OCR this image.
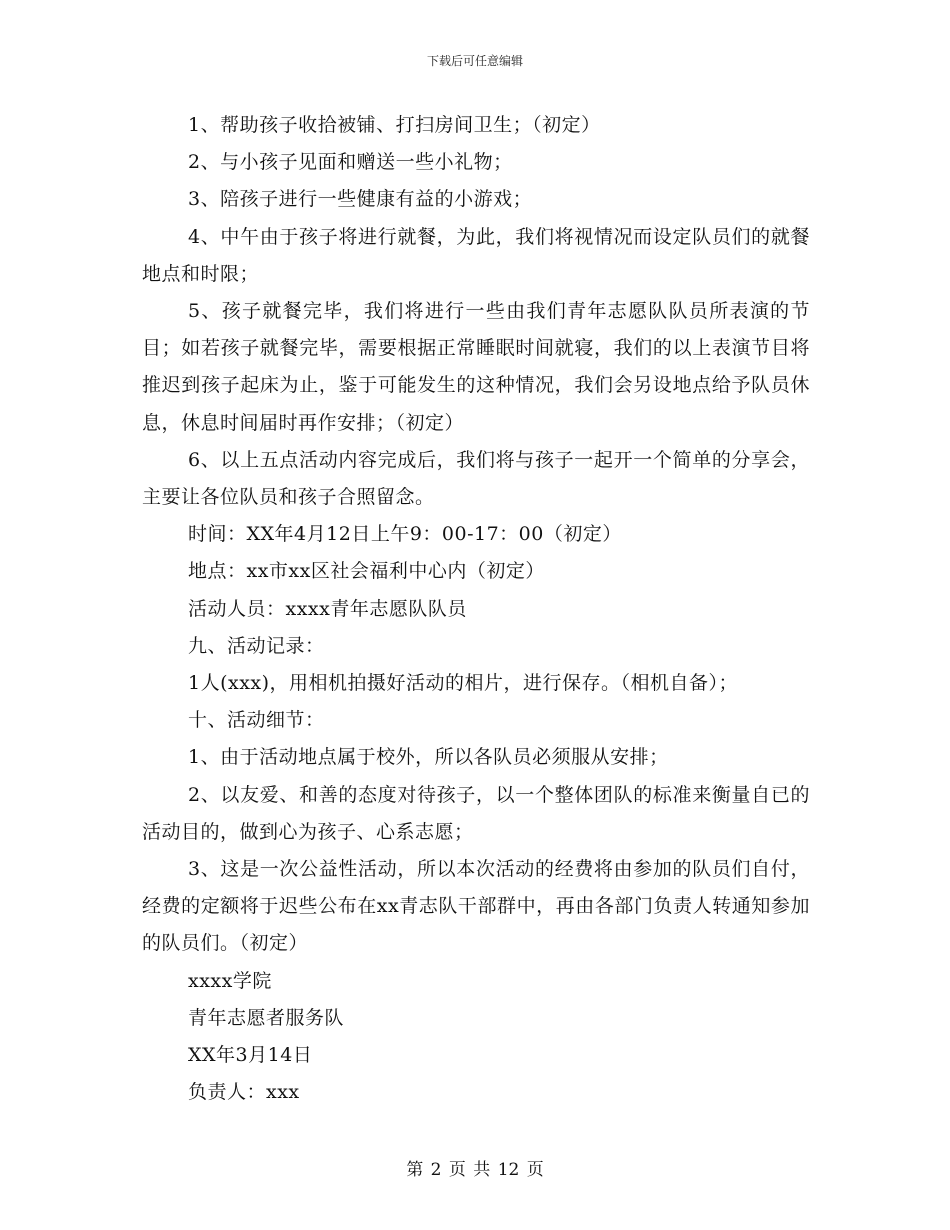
下载后可任意编辑

1、帮助孩子收拾被铺、打扫房间卫生；（初定）

2、与小孩子见面和赠送一些小礼物；

3、陪孩子进行一些健康有益的小游戏；

4、中午由于孩子将进行就餐，为此，我们将视情况而设定队员们的就餐地点和时限；

5、孩子就餐完毕，我们将进行一些由我们青年志愿队队员所表演的节目；如若孩子就餐完毕，需要根据正常睡眠时间就寝，我们的以上表演节目将推迟到孩子起床为止，鉴于可能发生的这种情况，我们会另设地点给予队员休息，休息时间届时再作安排；（初定）

6、以上五点活动内容完成后，我们将与孩子一起开一个简单的分享会，主要让各位队员和孩子合照留念。

时间：XX年4月12日上午9：00-17：00（初定）

地点：xx市xx区社会福利中心内（初定）

活动人员：xxxx青年志愿队队员

九、活动记录：

1人(xxx)，用相机拍摄好活动的相片，进行保存。（相机自备）；

十、活动细节：

1、由于活动地点属于校外，所以各队员必须服从安排；

2、以友爱、和善的态度对待孩子，以一个整体团队的标准来衡量自已的活动目的，做到心为孩子、心系志愿；

3、这是一次公益性活动，所以本次活动的经费将由参加的队员们自付，经费的定额将于迟些公布在xx青志队干部群中，再由各部门负责人转通知参加的队员们。（初定）

xxxx学院

青年志愿者服务队

XX年3月14日

负责人：xxx

第 2 页 共 12 页
